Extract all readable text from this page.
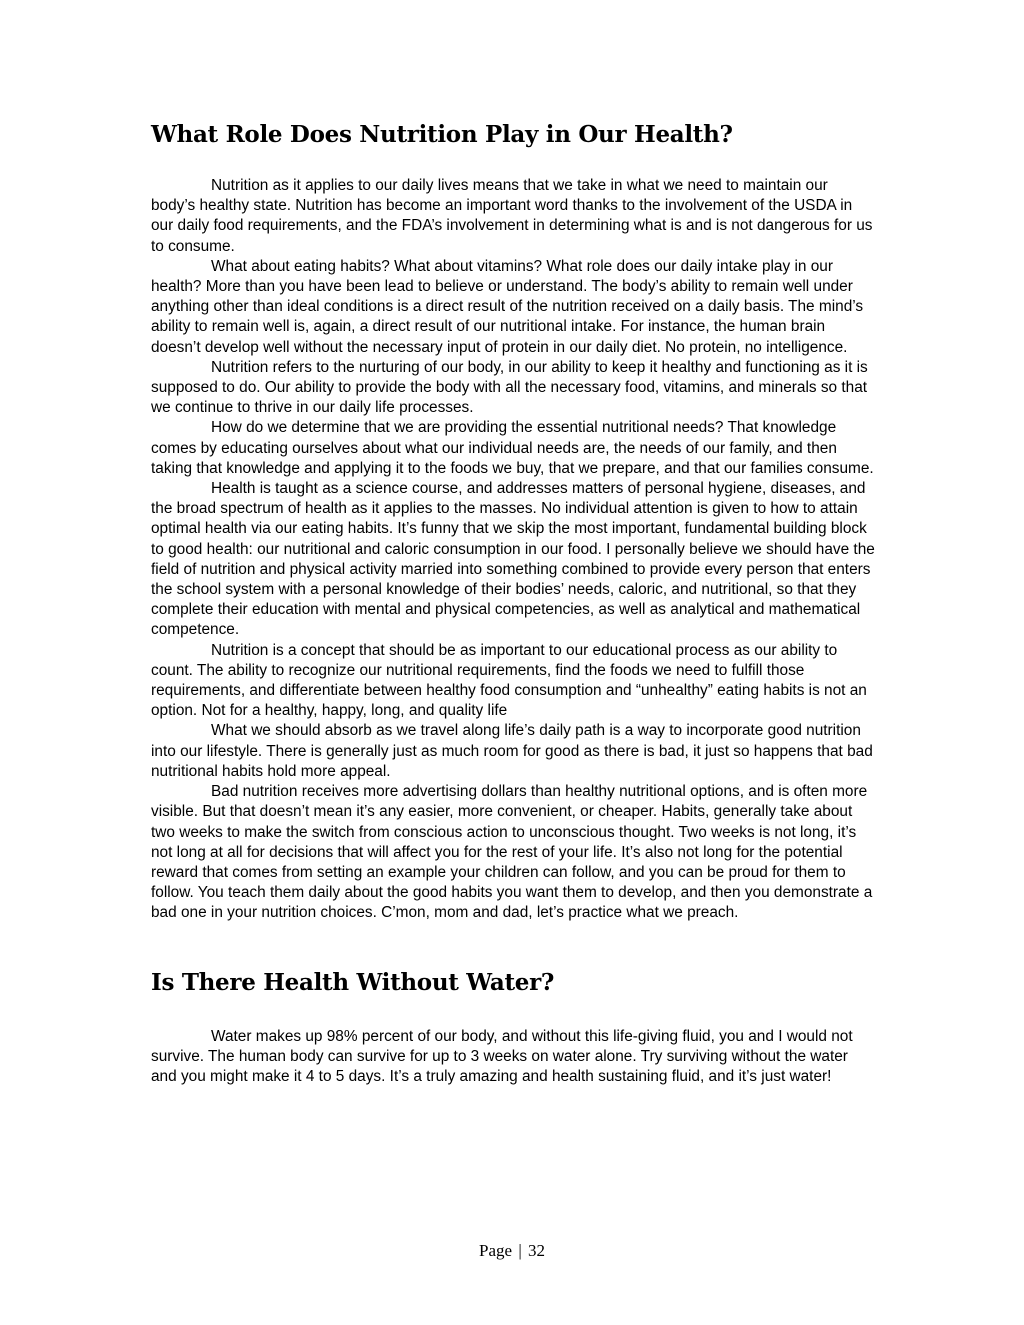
What Role Does Nutrition Play in Our Health?

Nutrition as it applies to our daily lives means that we take in what we need to maintain our body’s healthy state. Nutrition has become an important word thanks to the involvement of the USDA in our daily food requirements, and the FDA’s involvement in determining what is and is not dangerous for us to consume.

What about eating habits? What about vitamins? What role does our daily intake play in our health? More than you have been lead to believe or understand. The body’s ability to remain well under anything other than ideal conditions is a direct result of the nutrition received on a daily basis. The mind’s ability to remain well is, again, a direct result of our nutritional intake. For instance, the human brain doesn’t develop well without the necessary input of protein in our daily diet. No protein, no intelligence.

Nutrition refers to the nurturing of our body, in our ability to keep it healthy and functioning as it is supposed to do. Our ability to provide the body with all the necessary food, vitamins, and minerals so that we continue to thrive in our daily life processes.

How do we determine that we are providing the essential nutritional needs? That knowledge comes by educating ourselves about what our individual needs are, the needs of our family, and then taking that knowledge and applying it to the foods we buy, that we prepare, and that our families consume.

Health is taught as a science course, and addresses matters of personal hygiene, diseases, and the broad spectrum of health as it applies to the masses. No individual attention is given to how to attain optimal health via our eating habits. It’s funny that we skip the most important, fundamental building block to good health: our nutritional and caloric consumption in our food. I personally believe we should have the field of nutrition and physical activity married into something combined to provide every person that enters the school system with a personal knowledge of their bodies’ needs, caloric, and nutritional, so that they complete their education with mental and physical competencies, as well as analytical and mathematical competence.

Nutrition is a concept that should be as important to our educational process as our ability to count. The ability to recognize our nutritional requirements, find the foods we need to fulfill those requirements, and differentiate between healthy food consumption and “unhealthy” eating habits is not an option. Not for a healthy, happy, long, and quality life

What we should absorb as we travel along life’s daily path is a way to incorporate good nutrition into our lifestyle. There is generally just as much room for good as there is bad, it just so happens that bad nutritional habits hold more appeal.

Bad nutrition receives more advertising dollars than healthy nutritional options, and is often more visible. But that doesn’t mean it’s any easier, more convenient, or cheaper. Habits, generally take about two weeks to make the switch from conscious action to unconscious thought. Two weeks is not long, it’s not long at all for decisions that will affect you for the rest of your life. It’s also not long for the potential reward that comes from setting an example your children can follow, and you can be proud for them to follow. You teach them daily about the good habits you want them to develop, and then you demonstrate a bad one in your nutrition choices. C’mon, mom and dad, let’s practice what we preach.

Is There Health Without Water?

Water makes up 98% percent of our body, and without this life-giving fluid, you and I would not survive. The human body can survive for up to 3 weeks on water alone. Try surviving without the water and you might make it 4 to 5 days. It’s a truly amazing and health sustaining fluid, and it’s just water!

Page | 32
